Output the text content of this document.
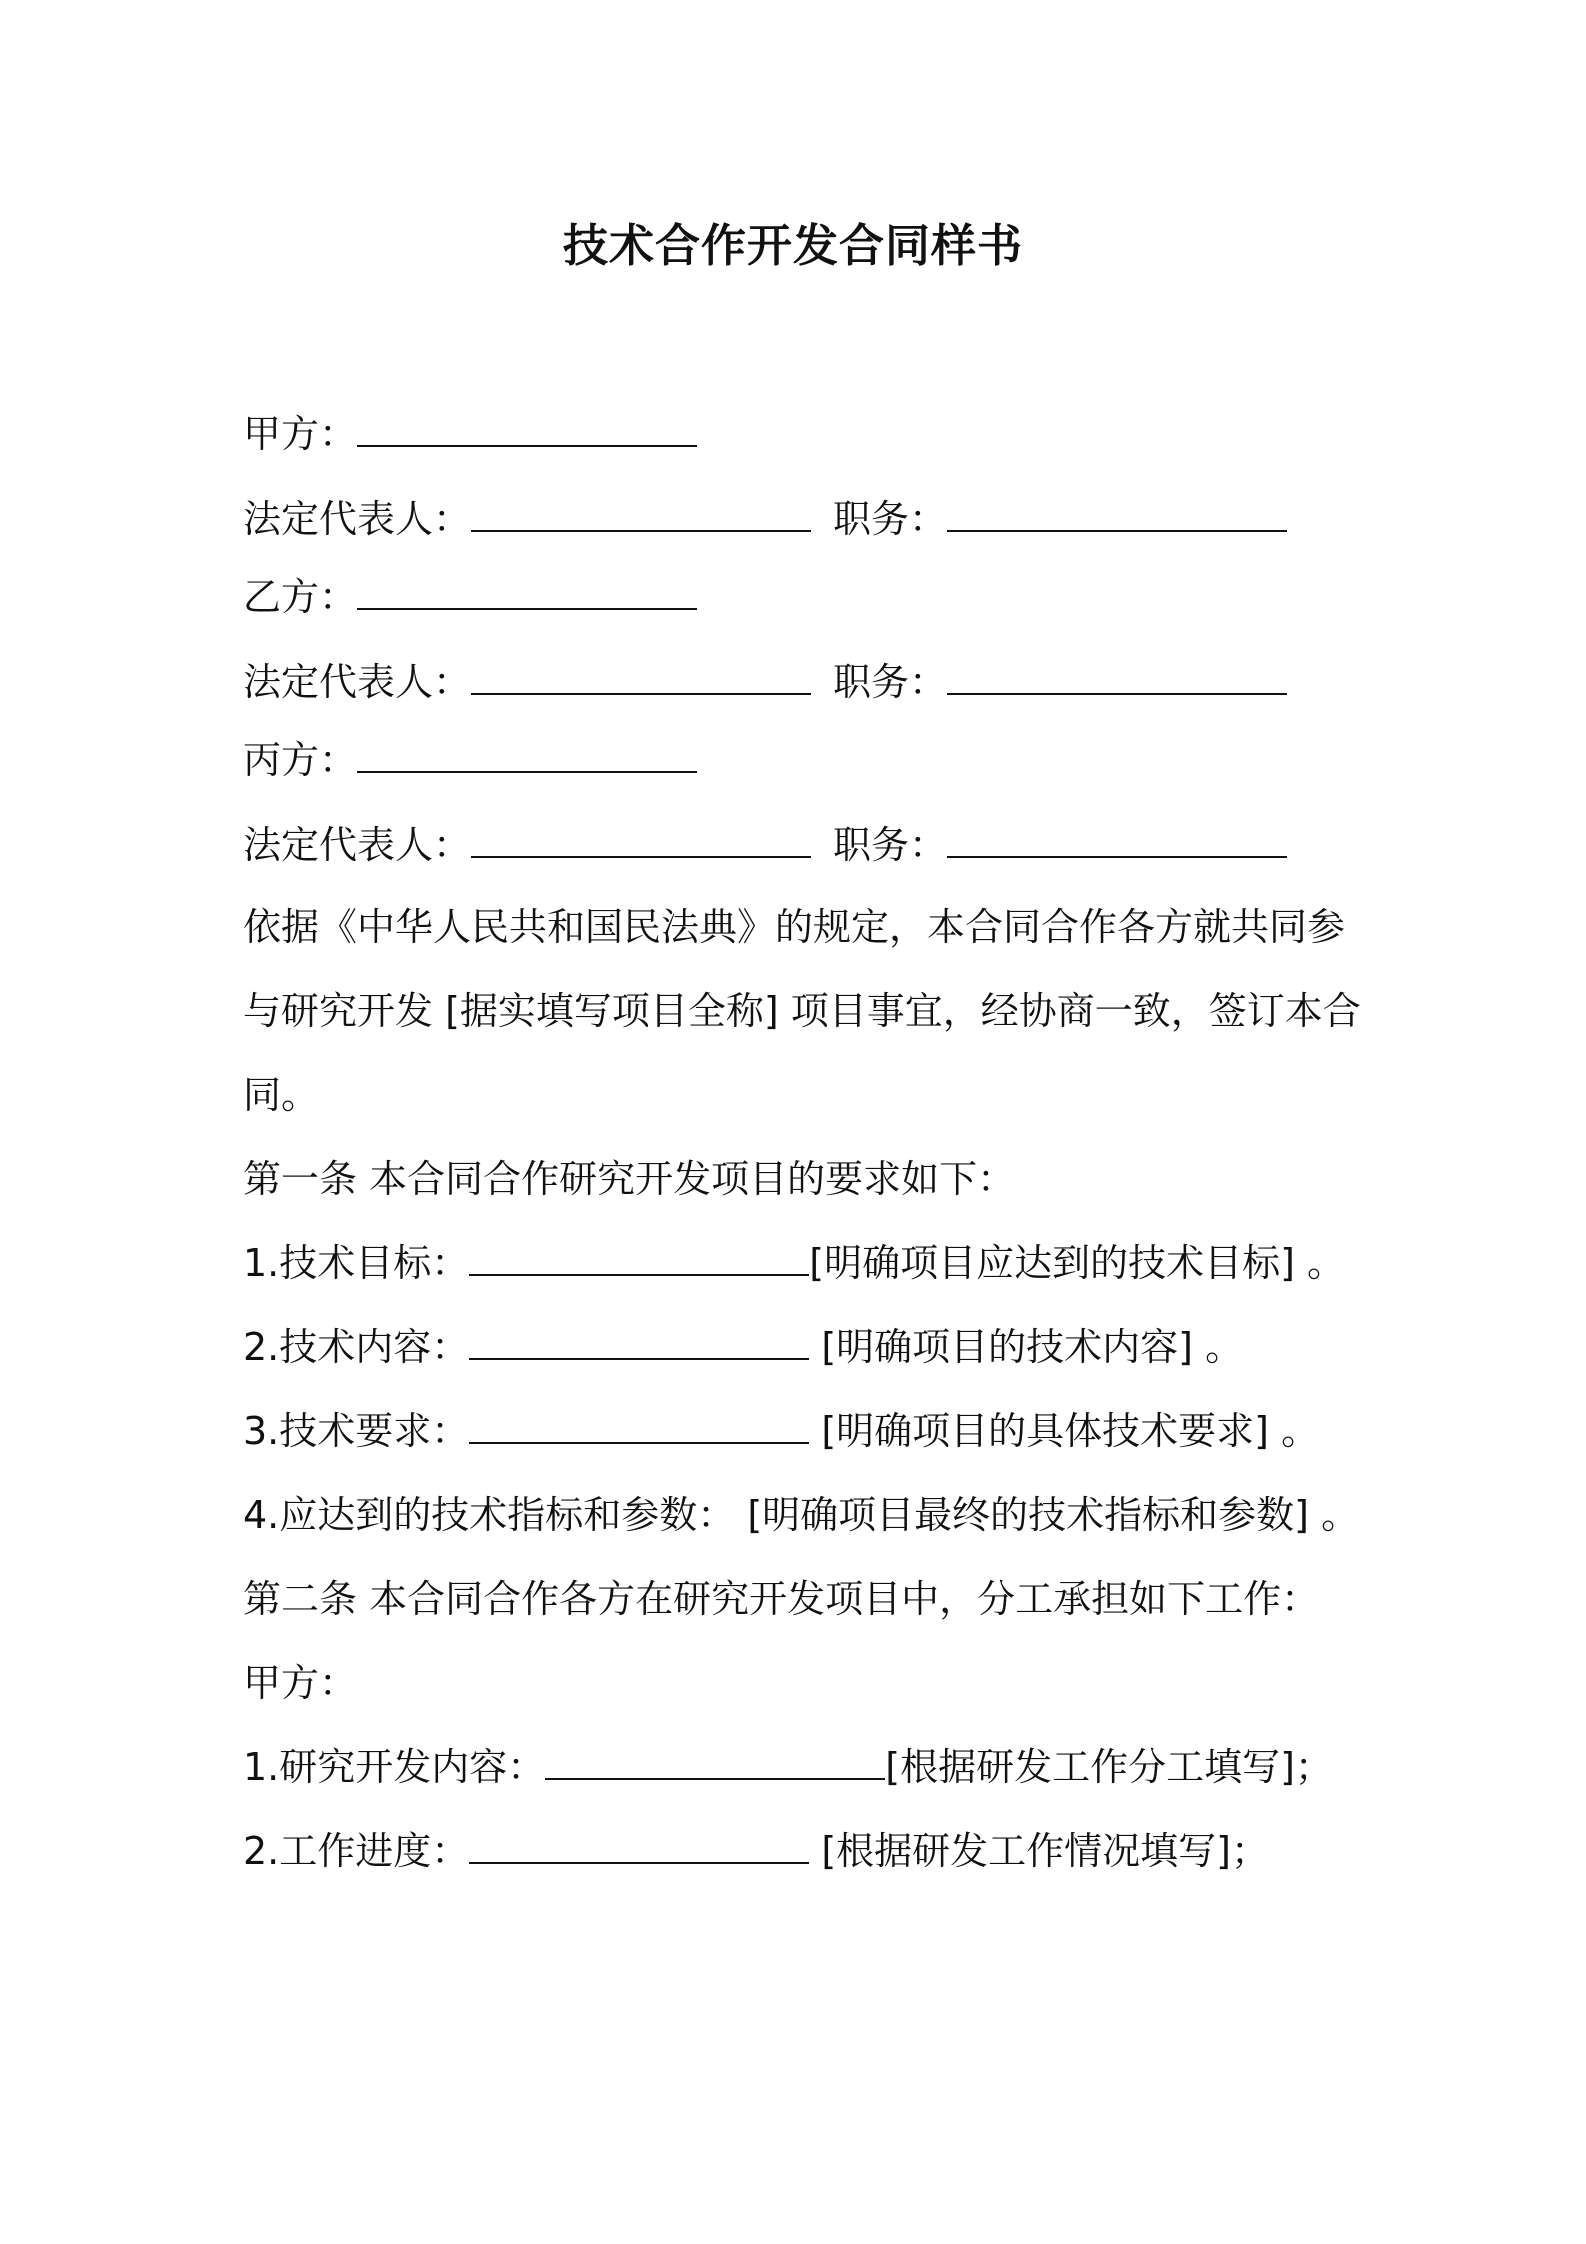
技术合作开发合同样书
甲方：
法定代表人：	职务：
乙方：
法定代表人：	职务：
丙方：
法定代表人：	职务：

依据《中华人民共和国民法典》的规定，本合同合作各方就共同参与研究开发 [据实填写项目全称] 项目事宜，经协商一致，签订本合同。

第一条 本合同合作研究开发项目的要求如下：

1.技术目标：	[明确项目应达到的技术目标] 。
2.技术内容：	[明确项目的技术内容] 。
3.技术要求：	[明确项目的具体技术要求] 。

4.应达到的技术指标和参数： [明确项目最终的技术指标和参数] 。

第二条 本合同合作各方在研究开发项目中，分工承担如下工作：

甲方：

1.研究开发内容：	[根据研发工作分工填写]；
2.工作进度：	[根据研发工作情况填写]；
